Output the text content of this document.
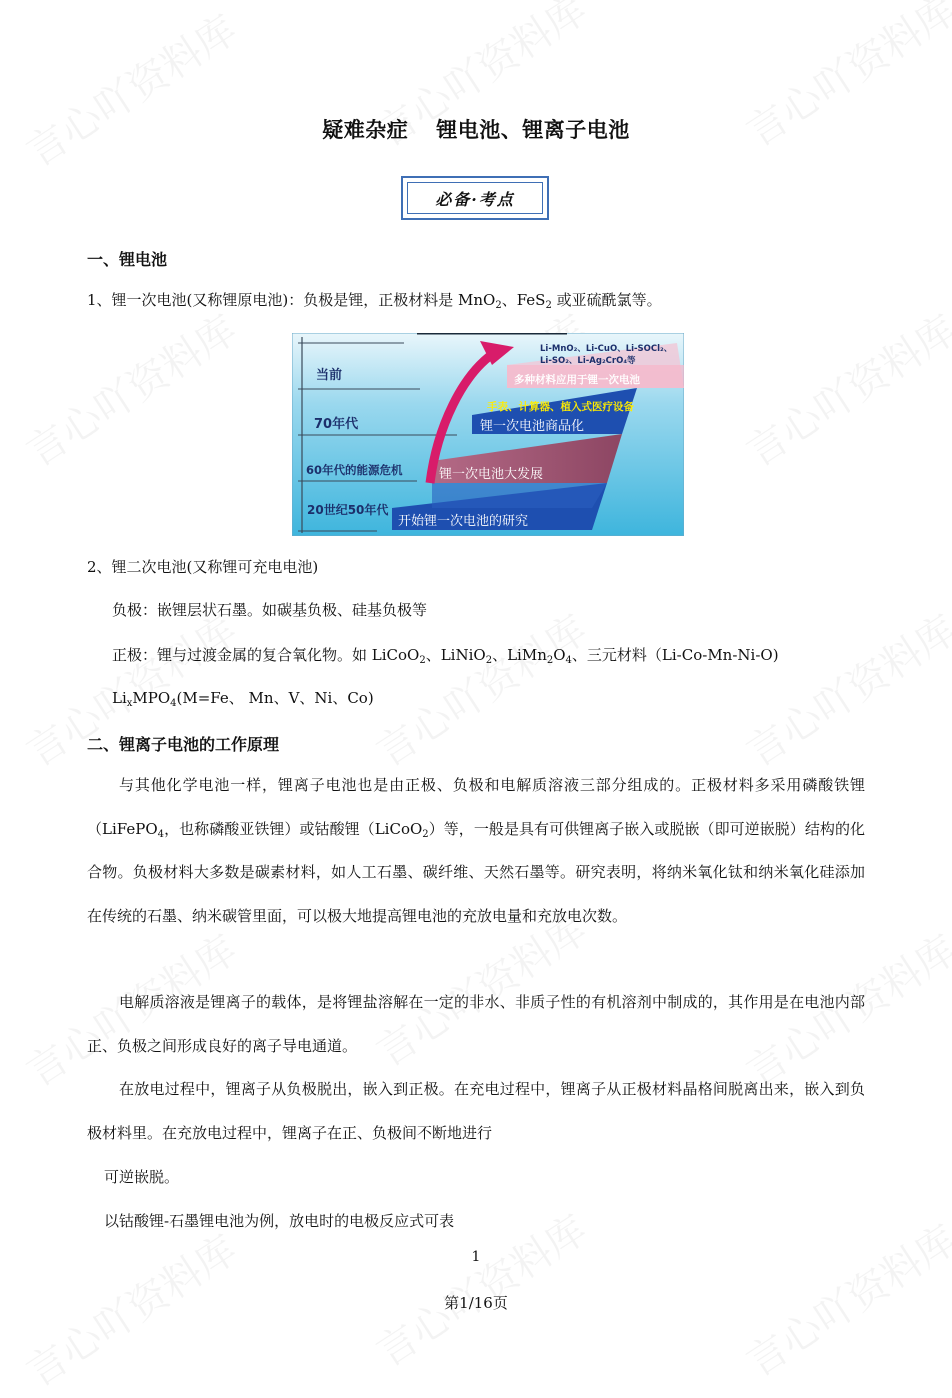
疑难杂症 锂电池、锂离子电池
必备·考点
一、锂电池
1、锂一次电池(又称锂原电池)：负极是锂，正极材料是 MnO$_2$、FeS$_2$ 或亚硫酰氯等。
当前
70年代
60年代的能源危机
20世纪50年代
多种材料应用于锂一次电池
锂一次电池商品化
锂一次电池大发展
开始锂一次电池的研究
Li-MnO₂、Li-CuO、Li-SOCl₂、
Li-SO₂、Li-Ag₂CrO₄等
手表、计算器、植入式医疗设备
2、锂二次电池(又称锂可充电电池)
负极：嵌锂层状石墨。如碳基负极、硅基负极等
正极：锂与过渡金属的复合氧化物。如 LiCoO$_2$、LiNiO$_2$、$LiMn_2O_4$、三元材料（Li-Co-Mn-Ni-O)
$Li_xMPO_4(M=Fe$、 Mn、V、Ni、Co)
二、锂离子电池的工作原理
与其他化学电池一样，锂离子电池也是由正极、负极和电解质溶液三部分组成的。正极材料多采用磷酸铁锂（LiFePO$_4$，也称磷酸亚铁锂）或钴酸锂（LiCoO$_2$）等，一般是具有可供锂离子嵌入或脱嵌（即可逆嵌脱）结构的化合物。负极材料大多数是碳素材料，如人工石墨、碳纤维、天然石墨等。研究表明，将纳米氧化钛和纳米氧化硅添加在传统的石墨、纳米碳管里面，可以极大地提高锂电池的充放电量和充放电次数。
电解质溶液是锂离子的载体，是将锂盐溶解在一定的非水、非质子性的有机溶剂中制成的，其作用是在电池内部正、负极之间形成良好的离子导电通道。
在放电过程中，锂离子从负极脱出，嵌入到正极。在充电过程中，锂离子从正极材料晶格间脱离出来，嵌入到负极材料里。在充放电过程中，锂离子在正、负极间不断地进行
可逆嵌脱。
以钴酸锂-石墨锂电池为例，放电时的电极反应式可表
1
第1/16页
